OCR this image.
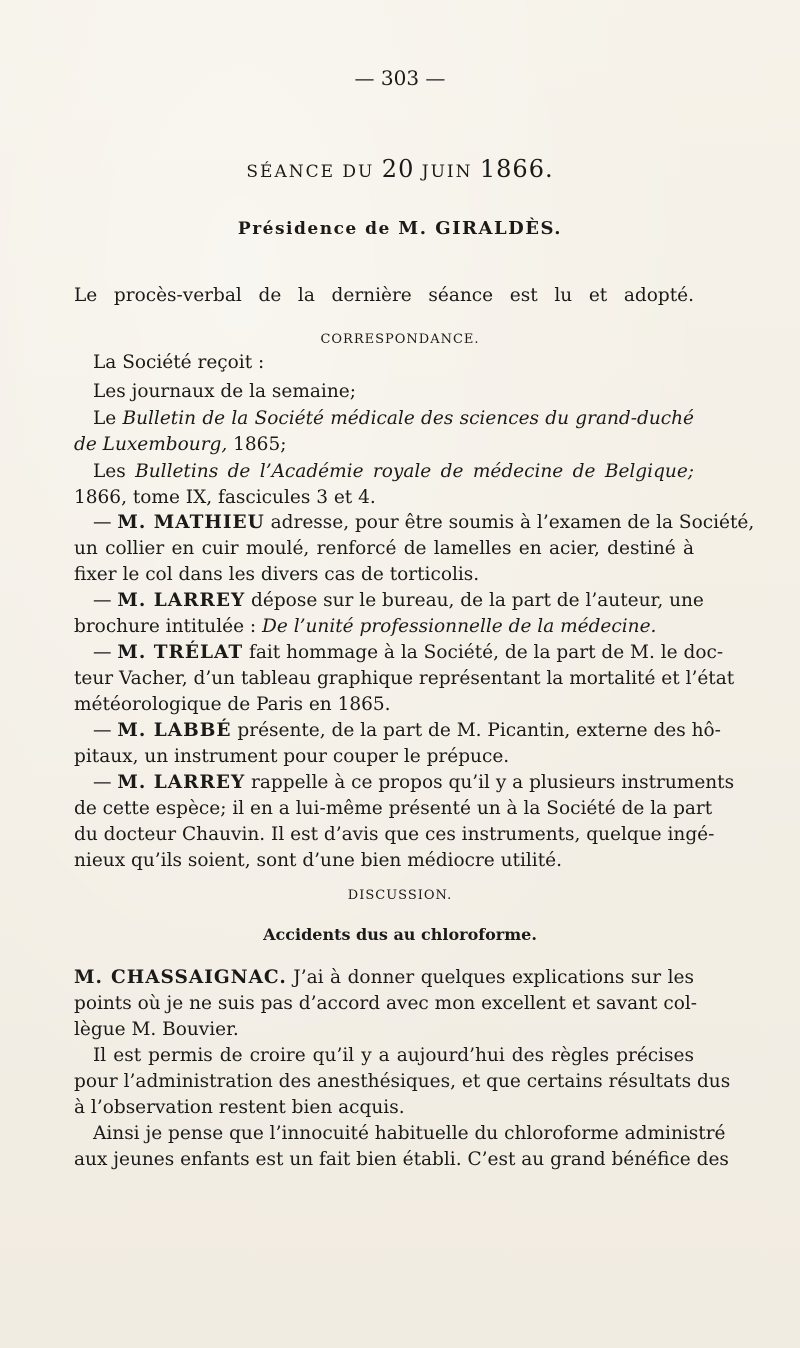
— 303 —
SÉANCE DU 20 JUIN 1866.
Présidence de M. GIRALDÈS.
Le procès-verbal de la dernière séance est lu et adopté.
CORRESPONDANCE.
La Société reçoit :
Les journaux de la semaine;
Le Bulletin de la Société médicale des sciences du grand-duché
de Luxembourg, 1865;
Les Bulletins de l’Académie royale de médecine de Belgique;
1866, tome IX, fascicules 3 et 4.
— M. MATHIEU adresse, pour être soumis à l’examen de la Société,
un collier en cuir moulé, renforcé de lamelles en acier, destiné à
fixer le col dans les divers cas de torticolis.
— M. LARREY dépose sur le bureau, de la part de l’auteur, une
brochure intitulée : De l’unité professionnelle de la médecine.
— M. TRÉLAT fait hommage à la Société, de la part de M. le doc-
teur Vacher, d’un tableau graphique représentant la mortalité et l’état
météorologique de Paris en 1865.
— M. LABBÉ présente, de la part de M. Picantin, externe des hô-
pitaux, un instrument pour couper le prépuce.
— M. LARREY rappelle à ce propos qu’il y a plusieurs instruments
de cette espèce; il en a lui-même présenté un à la Société de la part
du docteur Chauvin. Il est d’avis que ces instruments, quelque ingé-
nieux qu’ils soient, sont d’une bien médiocre utilité.
DISCUSSION.
Accidents dus au chloroforme.
M. CHASSAIGNAC. J’ai à donner quelques explications sur les
points où je ne suis pas d’accord avec mon excellent et savant col-
lègue M. Bouvier.
Il est permis de croire qu’il y a aujourd’hui des règles précises
pour l’administration des anesthésiques, et que certains résultats dus
à l’observation restent bien acquis.
Ainsi je pense que l’innocuité habituelle du chloroforme administré
aux jeunes enfants est un fait bien établi. C’est au grand bénéfice des
